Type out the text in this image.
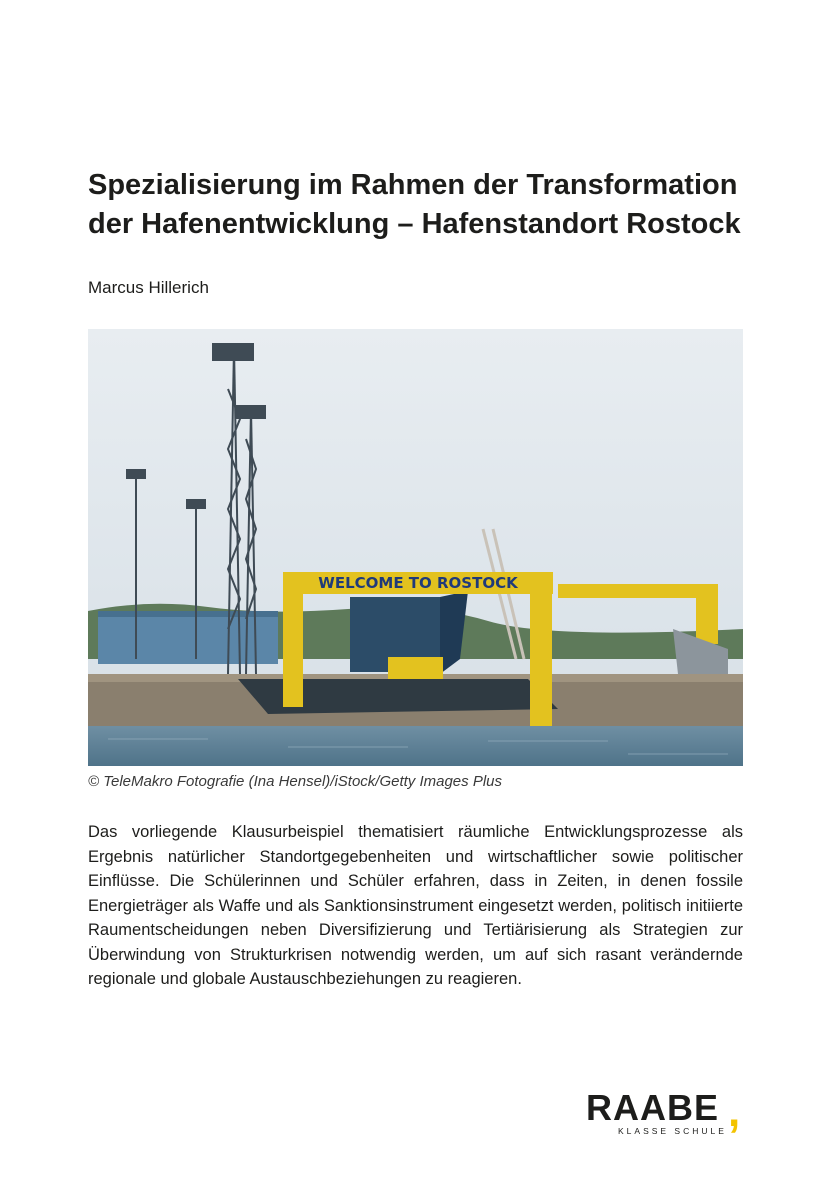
Spezialisierung im Rahmen der Transformation
der Hafenentwicklung – Hafenstandort Rostock
Marcus Hillerich
WELCOME TO ROSTOCK
© TeleMakro Fotografie (Ina Hensel)/iStock/Getty Images Plus

Das vorliegende Klausurbeispiel thematisiert räumliche Entwicklungsprozesse als Ergebnis natürlicher Standortgegebenheiten und wirtschaftlicher sowie politischer Einflüsse. Die Schülerinnen und Schüler erfahren, dass in Zeiten, in denen fossile Energieträger als Waffe und als Sanktionsinstrument eingesetzt werden, politisch initiierte Raumentscheidungen neben Diversifizierung und Tertiärisierung als Strategien zur Überwindung von Strukturkrisen notwendig werden, um auf sich rasant verändernde regionale und globale Austauschbeziehungen zu reagieren.

RAABE ,
KLASSE SCHULE
